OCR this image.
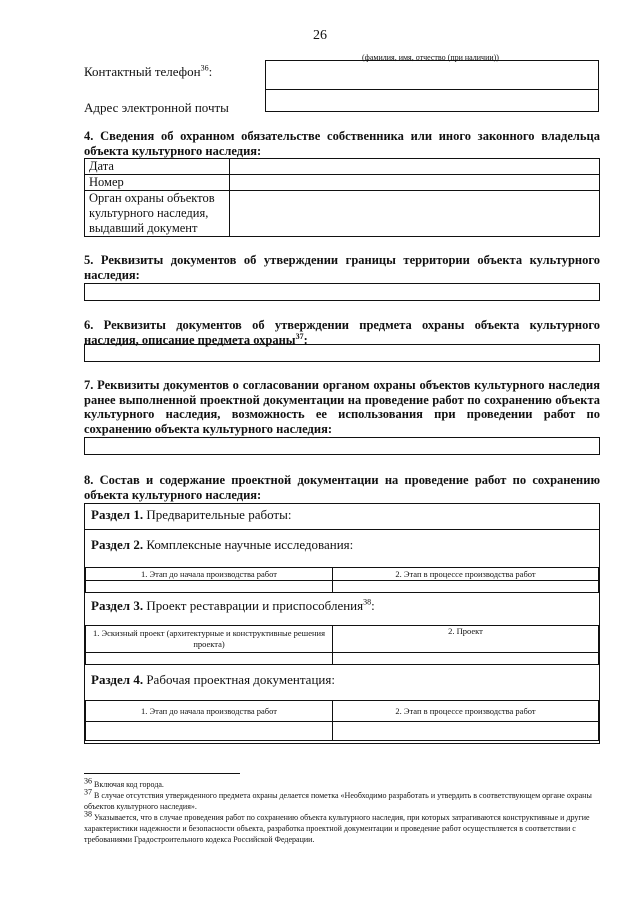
26
(фамилия, имя, отчество (при наличии))
Контактный телефон$^{36}$:
Адрес электронной почты
4. Сведения об охранном обязательстве собственника или иного законного владельца объекта культурного наследия:
Дата	
Номер	
Орган охраны объектов культурного наследия, выдавший документ	
5. Реквизиты документов об утверждении границы территории объекта культурного наследия:
6. Реквизиты документов об утверждении предмета охраны объекта культурного наследия, описание предмета охраны$^{37}$:
7. Реквизиты документов о согласовании органом охраны объектов культурного наследия ранее выполненной проектной документации на проведение работ по сохранению объекта культурного наследия, возможность ее использования при проведении работ по сохранению объекта культурного наследия:
8. Состав и содержание проектной документации на проведение работ по сохранению объекта культурного наследия:
Раздел 1. Предварительные работы:
Раздел 2. Комплексные научные исследования:
1. Этап до начала производства работ	2. Этап в процессе производства работ

Раздел 3. Проект реставрации и приспособления$^{38}$:
1. Эскизный проект (архитектурные и конструктивные решения проекта)	2. Проект

Раздел 4. Рабочая проектная документация:
1. Этап до начала производства работ	2. Этап в процессе производства работ

36 Включая код города.
37 В случае отсутствия утвержденного предмета охраны делается пометка «Необходимо разработать и утвердить в соответствующем органе охраны объектов культурного наследия».
38 Указывается, что в случае проведения работ по сохранению объекта культурного наследия, при которых затрагиваются конструктивные и другие характеристики надежности и безопасности объекта, разработка проектной документации и проведение работ осуществляется в соответствии с требованиями Градостроительного кодекса Российской Федерации.
